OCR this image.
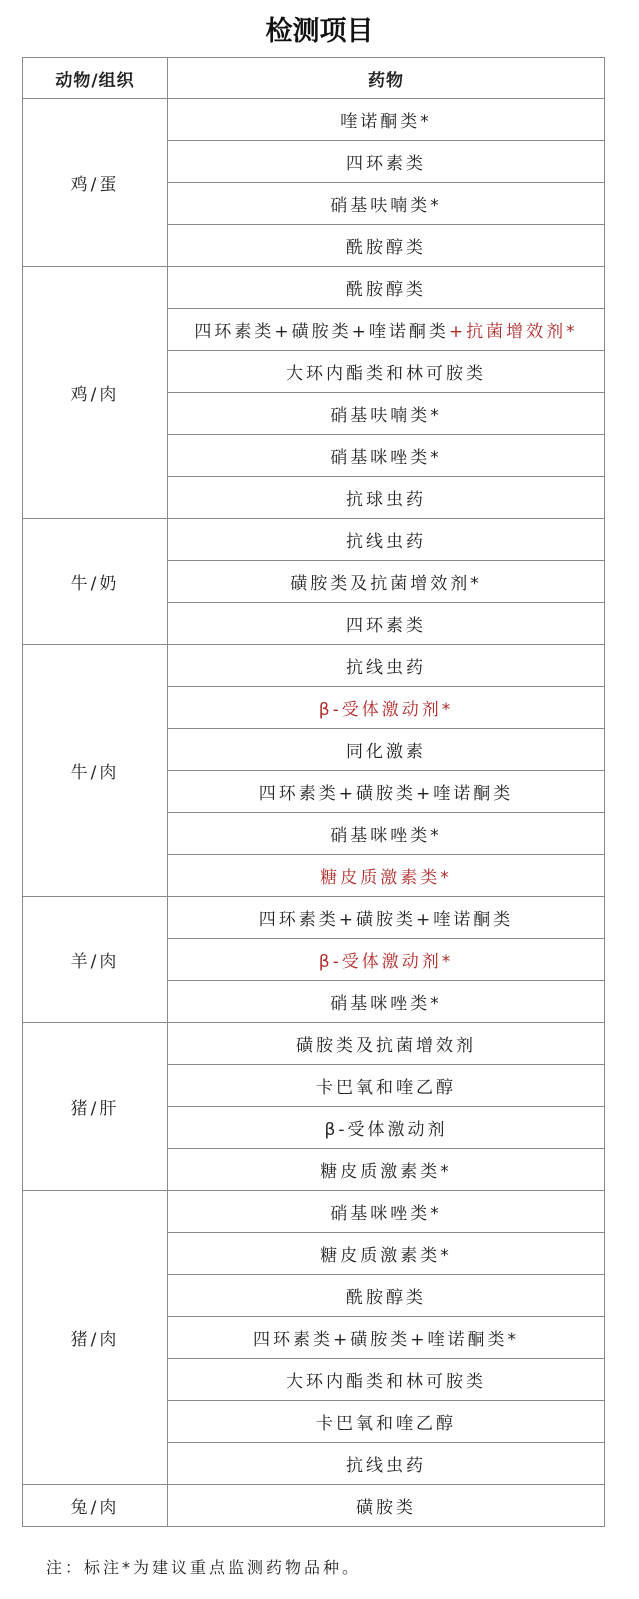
检测项目
动物/组织	药物
鸡/蛋	喹诺酮类*
	四环素类
	硝基呋喃类*
	酰胺醇类
鸡/肉	酰胺醇类
	四环素类+磺胺类+喹诺酮类+抗菌增效剂*
	大环内酯类和林可胺类
	硝基呋喃类*
	硝基咪唑类*
	抗球虫药
牛/奶	抗线虫药
	磺胺类及抗菌增效剂*
	四环素类
牛/肉	抗线虫药
	β-受体激动剂*
	同化激素
	四环素类+磺胺类+喹诺酮类
	硝基咪唑类*
	糖皮质激素类*
羊/肉	四环素类+磺胺类+喹诺酮类
	β-受体激动剂*
	硝基咪唑类*
猪/肝	磺胺类及抗菌增效剂
	卡巴氧和喹乙醇
	β-受体激动剂
	糖皮质激素类*
猪/肉	硝基咪唑类*
	糖皮质激素类*
	酰胺醇类
	四环素类+磺胺类+喹诺酮类*
	大环内酯类和林可胺类
	卡巴氧和喹乙醇
	抗线虫药
兔/肉	磺胺类
注：标注*为建议重点监测药物品种。
